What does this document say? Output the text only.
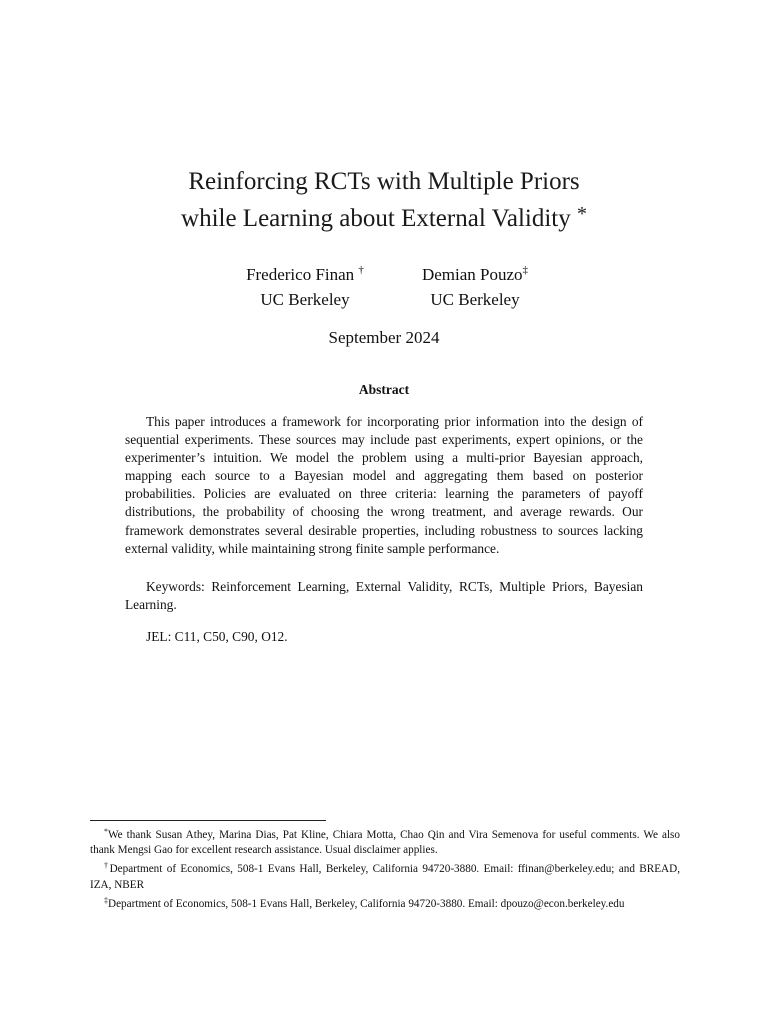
Reinforcing RCTs with Multiple Priors
while Learning about External Validity *
Frederico Finan †
UC Berkeley
Demian Pouzo‡
UC Berkeley
September 2024
Abstract
This paper introduces a framework for incorporating prior information into the design of sequential experiments. These sources may include past experiments, expert opinions, or the experimenter’s intuition. We model the problem using a multi-prior Bayesian approach, mapping each source to a Bayesian model and aggregating them based on posterior probabilities. Policies are evaluated on three criteria: learning the parameters of payoff distributions, the probability of choosing the wrong treatment, and average rewards. Our framework demonstrates several desirable properties, including robustness to sources lacking external validity, while maintaining strong finite sample performance.
Keywords: Reinforcement Learning, External Validity, RCTs, Multiple Priors, Bayesian Learning.
JEL: C11, C50, C90, O12.
*We thank Susan Athey, Marina Dias, Pat Kline, Chiara Motta, Chao Qin and Vira Semenova for useful comments. We also thank Mengsi Gao for excellent research assistance. Usual disclaimer applies.
†Department of Economics, 508-1 Evans Hall, Berkeley, California 94720-3880. Email: ffinan@berkeley.edu; and BREAD, IZA, NBER
‡Department of Economics, 508-1 Evans Hall, Berkeley, California 94720-3880. Email: dpouzo@econ.berkeley.edu
